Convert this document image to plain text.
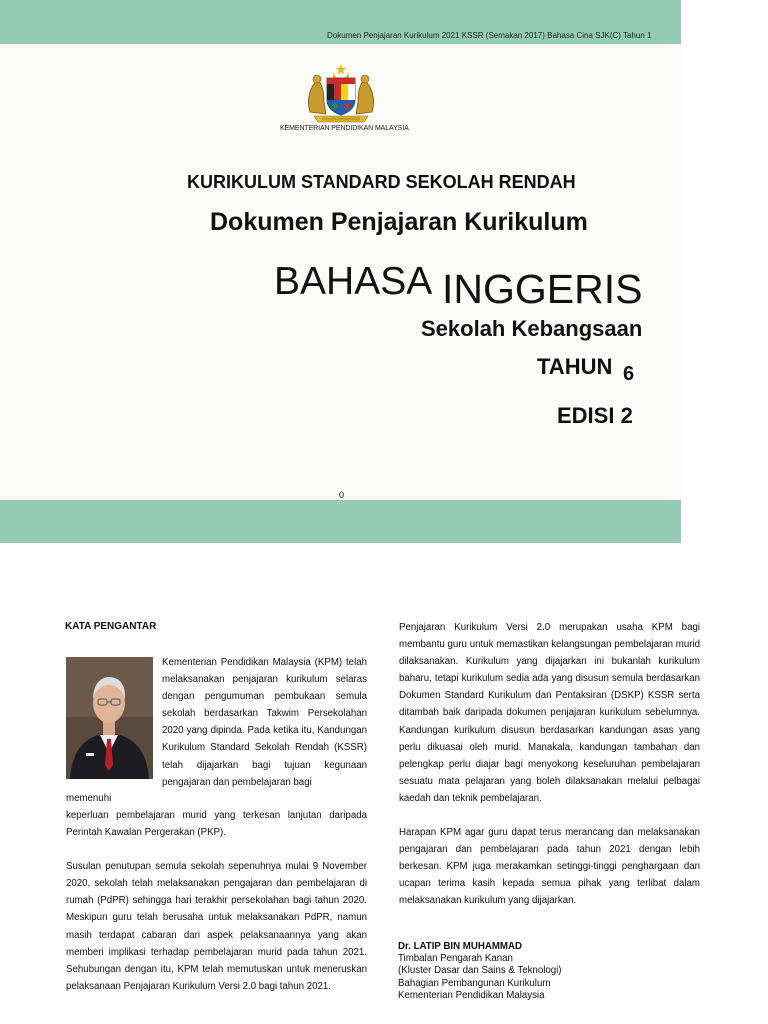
Dokumen Penjajaran Kurikulum 2021 KSSR (Semakan 2017) Bahasa Cina SJK(C) Tahun 1
KEMENTERIAN PENDIDIKAN MALAYSIA
KURIKULUM STANDARD SEKOLAH RENDAH
Dokumen Penjajaran Kurikulum
BAHASA INGGERIS
Sekolah Kebangsaan
TAHUN 6
EDISI 2
0
KATA PENGANTAR
Kementerian Pendidikan Malaysia (KPM) telah melaksanakan penjajaran kurikulum selaras dengan pengumuman pembukaan semula sekolah berdasarkan Takwim Persekolahan 2020 yang dipinda. Pada ketika itu, Kandungan Kurikulum Standard Sekolah Rendah (KSSR) telah dijajarkan bagi tujuan kegunaan pengajaran dan pembelajaran bagi
memenuhi

keperluan pembelajaran murid yang terkesan lanjutan daripada Perintah Kawalan Pergerakan (PKP).

Susulan penutupan semula sekolah sepenuhnya mulai 9 November 2020, sekolah telah melaksanakan pengajaran dan pembelajaran di rumah (PdPR) sehingga hari terakhir persekolahan bagi tahun 2020. Meskipun guru telah berusaha untuk melaksanakan PdPR, namun masih terdapat cabaran dari aspek pelaksanaannya yang akan memberi implikasi terhadap pembelajaran murid pada tahun 2021. Sehubungan dengan itu, KPM telah memutuskan untuk meneruskan pelaksanaan Penjajaran Kurikulum Versi 2.0 bagi tahun 2021.

Penjajaran Kurikulum Versi 2.0 merupakan usaha KPM bagi membantu guru untuk memastikan kelangsungan pembelajaran murid dilaksanakan. Kurikulum yang dijajarkan ini bukanlah kurikulum baharu, tetapi kurikulum sedia ada yang disusun semula berdasarkan Dokumen Standard Kurikulum dan Pentaksiran (DSKP) KSSR serta ditambah baik daripada dokumen penjajaran kurikulum sebelumnya. Kandungan kurikulum disusun berdasarkan kandungan asas yang perlu dikuasai oleh murid. Manakala, kandungan tambahan dan pelengkap perlu diajar bagi menyokong keseluruhan pembelajaran sesuatu mata pelajaran yang boleh dilaksanakan melalui pelbagai kaedah dan teknik pembelajaran.

Harapan KPM agar guru dapat terus merancang dan melaksanakan pengajaran dan pembelajaran pada tahun 2021 dengan lebih berkesan. KPM juga merakamkan setinggi-tinggi penghargaan dan ucapan terima kasih kepada semua pihak yang terlibat dalam melaksanakan kurikulum yang dijajarkan.

Dr. LATIP BIN MUHAMMAD
Timbalan Pengarah Kanan
(Kluster Dasar dan Sains & Teknologi)
Bahagian Pembangunan Kurikulum
Kementerian Pendidikan Malaysia
